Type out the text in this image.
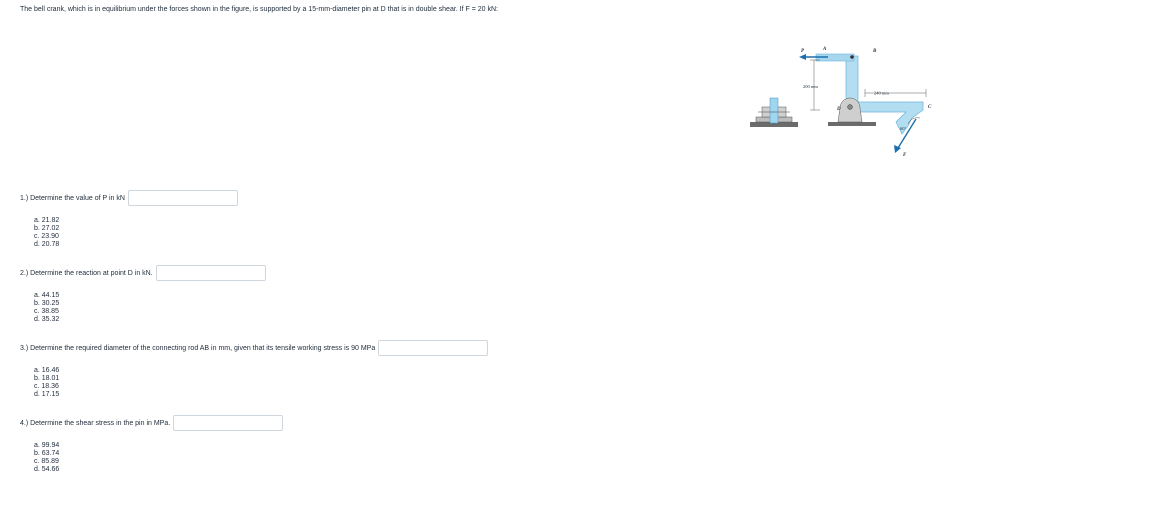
The bell crank, which is in equilibrium under the forces shown in the figure, is supported by a 15-mm-diameter pin at D that is in double shear. If F = 20 kN:
P	A	B
C
D
F
200 mm
240 mm
60°
1.) Determine the value of P in kN
a. 21.82
b. 27.02
c. 23.90
d. 20.78
2.) Determine the reaction at point D in kN.
a. 44.15
b. 30.25
c. 38.85
d. 35.32
3.) Determine the required diameter of the connecting rod AB in mm, given that its tensile working stress is 90 MPa
a. 16.46
b. 18.01
c. 18.36
d. 17.15
4.) Determine the shear stress in the pin in MPa.
a. 99.94
b. 63.74
c. 85.89
d. 54.66
